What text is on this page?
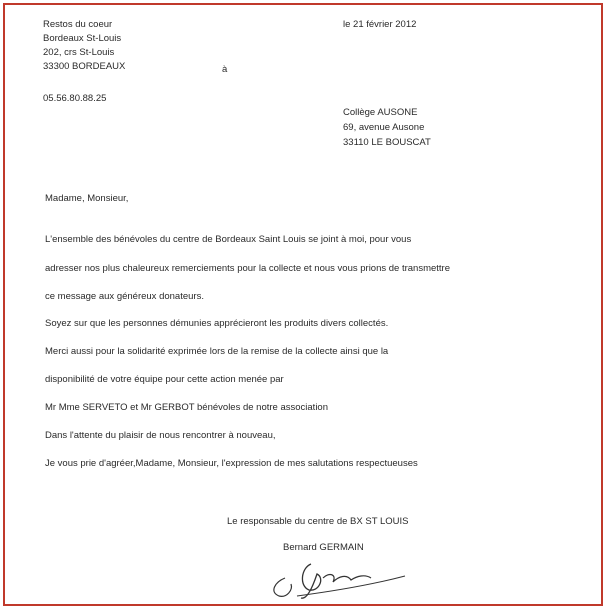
Restos du coeur
Bordeaux St-Louis
202, crs St-Louis
33300 BORDEAUX	à
05.56.80.88.25
le 21 février 2012
Collège AUSONE
69, avenue Ausone
33110 LE BOUSCAT
Madame, Monsieur,
L'ensemble des bénévoles du centre de Bordeaux Saint Louis se joint à moi, pour vous
adresser nos plus chaleureux remerciements pour la collecte et nous vous prions de transmettre
ce message aux généreux donateurs.
Soyez sur que les personnes démunies apprécieront les produits divers collectés.
Merci aussi pour la solidarité exprimée lors de la remise de la collecte ainsi que la
disponibilité de votre équipe pour cette action menée par
Mr Mme SERVETO et Mr GERBOT bénévoles de notre association
Dans l'attente du plaisir de nous rencontrer à nouveau,
Je vous prie d'agréer,Madame, Monsieur, l'expression de mes salutations respectueuses
Le responsable du centre de BX ST LOUIS
Bernard GERMAIN
